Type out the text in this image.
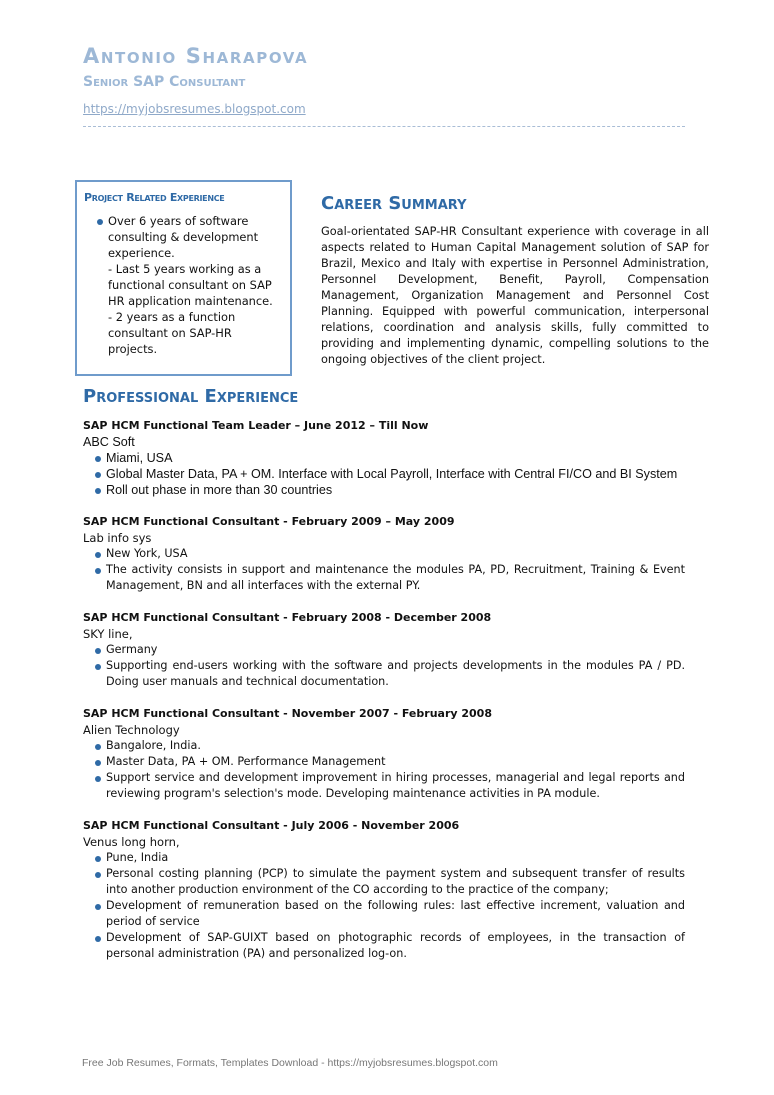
Antonio Sharapova
Senior SAP Consultant
https://myjobsresumes.blogspot.com
Project Related Experience
Over 6 years of software consulting & development experience.
- Last 5 years working as a functional consultant on SAP HR application maintenance.
- 2 years as a function consultant on SAP-HR projects.
Career Summary
Goal-orientated SAP-HR Consultant experience with coverage in all aspects related to Human Capital Management solution of SAP for Brazil, Mexico and Italy with expertise in Personnel Administration, Personnel Development, Benefit, Payroll, Compensation Management, Organization Management and Personnel Cost Planning. Equipped with powerful communication, interpersonal relations, coordination and analysis skills, fully committed to providing and implementing dynamic, compelling solutions to the ongoing objectives of the client project.
Professional Experience
SAP HCM Functional Team Leader – June 2012 – Till Now
ABC Soft
Miami, USA
Global Master Data, PA + OM. Interface with Local Payroll, Interface with Central FI/CO and BI System
Roll out phase in more than 30 countries
SAP HCM Functional Consultant - February 2009 – May 2009
Lab info sys
New York, USA
The activity consists in support and maintenance the modules PA, PD, Recruitment, Training & Event Management, BN and all interfaces with the external PY.
SAP HCM Functional Consultant - February 2008 - December 2008
SKY line,
Germany
Supporting end-users working with the software and projects developments in the modules PA / PD. Doing user manuals and technical documentation.
SAP HCM Functional Consultant - November 2007 - February 2008
Alien Technology
Bangalore, India.
Master Data, PA + OM. Performance Management
Support service and development improvement in hiring processes, managerial and legal reports and reviewing program's selection's mode. Developing maintenance activities in PA module.
SAP HCM Functional Consultant - July 2006 - November 2006
Venus long horn,
Pune, India
Personal costing planning (PCP) to simulate the payment system and subsequent transfer of results into another production environment of the CO according to the practice of the company;
Development of remuneration based on the following rules: last effective increment, valuation and period of service
Development of SAP-GUIXT based on photographic records of employees, in the transaction of personal administration (PA) and personalized log-on.
Free Job Resumes, Formats, Templates Download - https://myjobsresumes.blogspot.com
